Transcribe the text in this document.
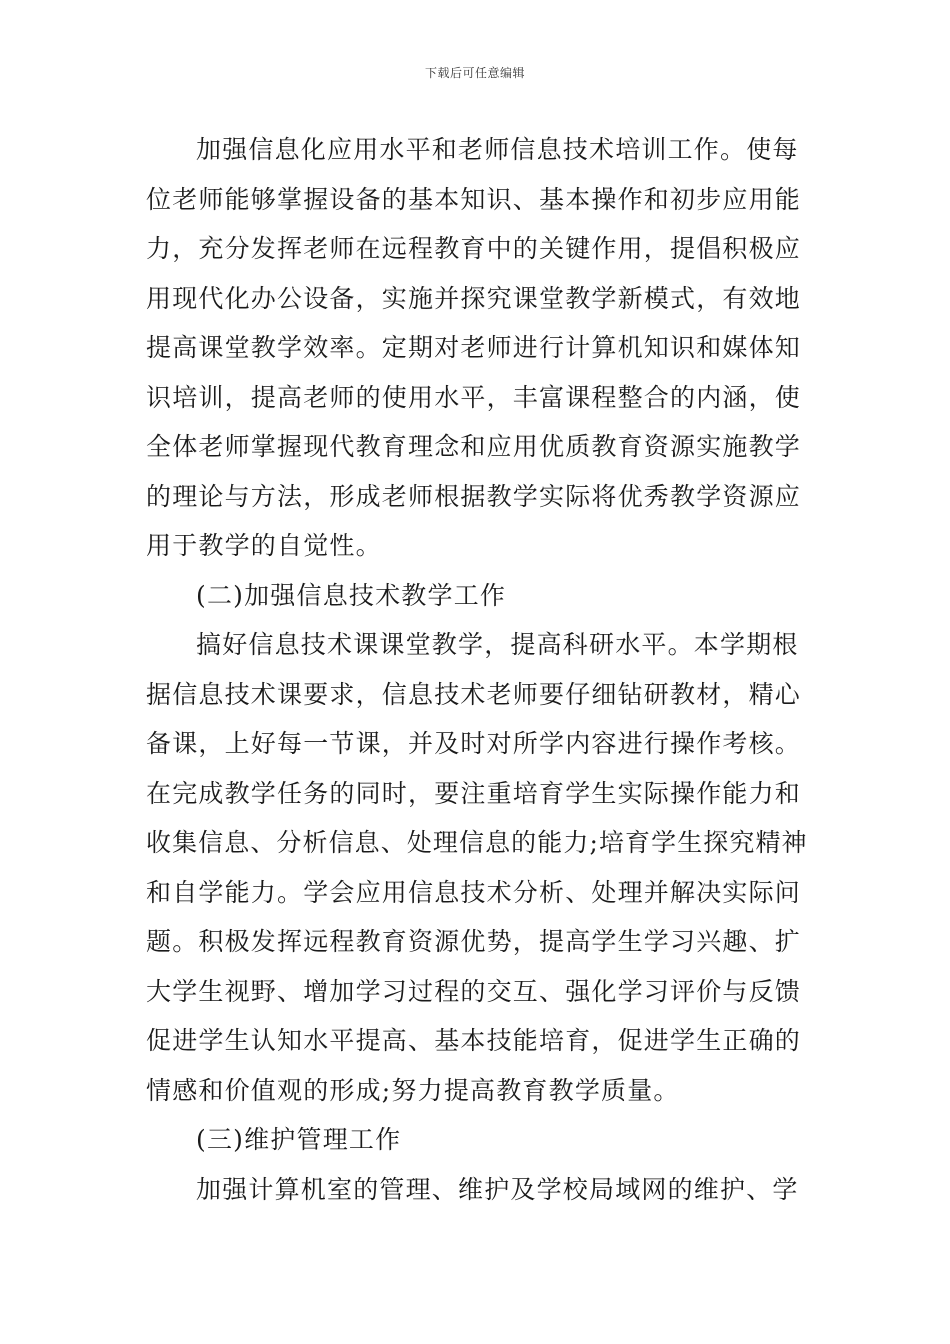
下载后可任意编辑
加强信息化应用水平和老师信息技术培训工作。使每
位老师能够掌握设备的基本知识、基本操作和初步应用能
力，充分发挥老师在远程教育中的关键作用，提倡积极应
用现代化办公设备，实施并探究课堂教学新模式，有效地
提高课堂教学效率。定期对老师进行计算机知识和媒体知
识培训，提高老师的使用水平，丰富课程整合的内涵，使
全体老师掌握现代教育理念和应用优质教育资源实施教学
的理论与方法，形成老师根据教学实际将优秀教学资源应
用于教学的自觉性。
(二)加强信息技术教学工作
搞好信息技术课课堂教学，提高科研水平。本学期根
据信息技术课要求，信息技术老师要仔细钻研教材，精心
备课，上好每一节课，并及时对所学内容进行操作考核。
在完成教学任务的同时，要注重培育学生实际操作能力和
收集信息、分析信息、处理信息的能力;培育学生探究精神
和自学能力。学会应用信息技术分析、处理并解决实际问
题。积极发挥远程教育资源优势，提高学生学习兴趣、扩
大学生视野、增加学习过程的交互、强化学习评价与反馈
促进学生认知水平提高、基本技能培育，促进学生正确的
情感和价值观的形成;努力提高教育教学质量。
(三)维护管理工作
加强计算机室的管理、维护及学校局域网的维护、学
